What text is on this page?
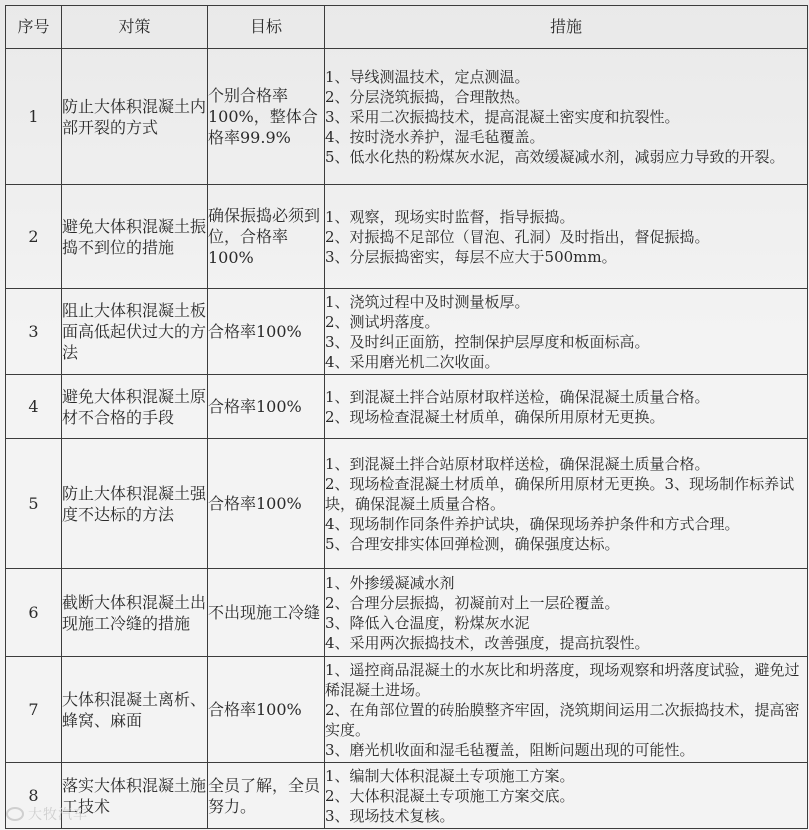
序号	对策	目标	措施
1	防止大体积混凝土内部开裂的方式	个别合格率100%，整体合格率99.9%	1、导线测温技术，定点测温。
2、分层浇筑振捣，合理散热。
3、采用二次振捣技术，提高混凝土密实度和抗裂性。
4、按时浇水养护，湿毛毡覆盖。
5、低水化热的粉煤灰水泥，高效缓凝减水剂，减弱应力导致的开裂。

2	避免大体积混凝土振捣不到位的措施	确保振捣必须到位，合格率100%	1、观察，现场实时监督，指导振捣。
2、对振捣不足部位（冒泡、孔洞）及时指出，督促振捣。
3、分层振捣密实，每层不应大于500mm。

3	阻止大体积混凝土板面高低起伏过大的方法	合格率100%	1、浇筑过程中及时测量板厚。
2、测试坍落度。
3、及时纠正面筋，控制保护层厚度和板面标高。
4、采用磨光机二次收面。

4	避免大体积混凝土原材不合格的手段	合格率100%	1、到混凝土拌合站原材取样送检，确保混凝土质量合格。
2、现场检查混凝土材质单，确保所用原材无更换。

5	防止大体积混凝土强度不达标的方法	合格率100%	1、到混凝土拌合站原材取样送检，确保混凝土质量合格。
2、现场检查混凝土材质单，确保所用原材无更换。3、现场制作标养试块，确保混凝土质量合格。
4、现场制作同条件养护试块，确保现场养护条件和方式合理。
5、合理安排实体回弹检测，确保强度达标。

6	截断大体积混凝土出现施工冷缝的措施	不出现施工冷缝	1、外掺缓凝减水剂
2、合理分层振捣，初凝前对上一层砼覆盖。
3、降低入仓温度，粉煤灰水泥
4、采用两次振捣技术，改善强度，提高抗裂性。

7	大体积混凝土离析、蜂窝、麻面	合格率100%	1、遥控商品混凝土的水灰比和坍落度，现场观察和坍落度试验，避免过稀混凝土进场。
2、在角部位置的砖胎膜整齐牢固，浇筑期间运用二次振捣技术，提高密实度。
3、磨光机收面和湿毛毡覆盖，阻断问题出现的可能性。

8	落实大体积混凝土施工技术	全员了解，全员努力。	1、编制大体积混凝土专项施工方案。
2、大体积混凝土专项施工方案交底。
3、现场技术复核。
大牧汽车
